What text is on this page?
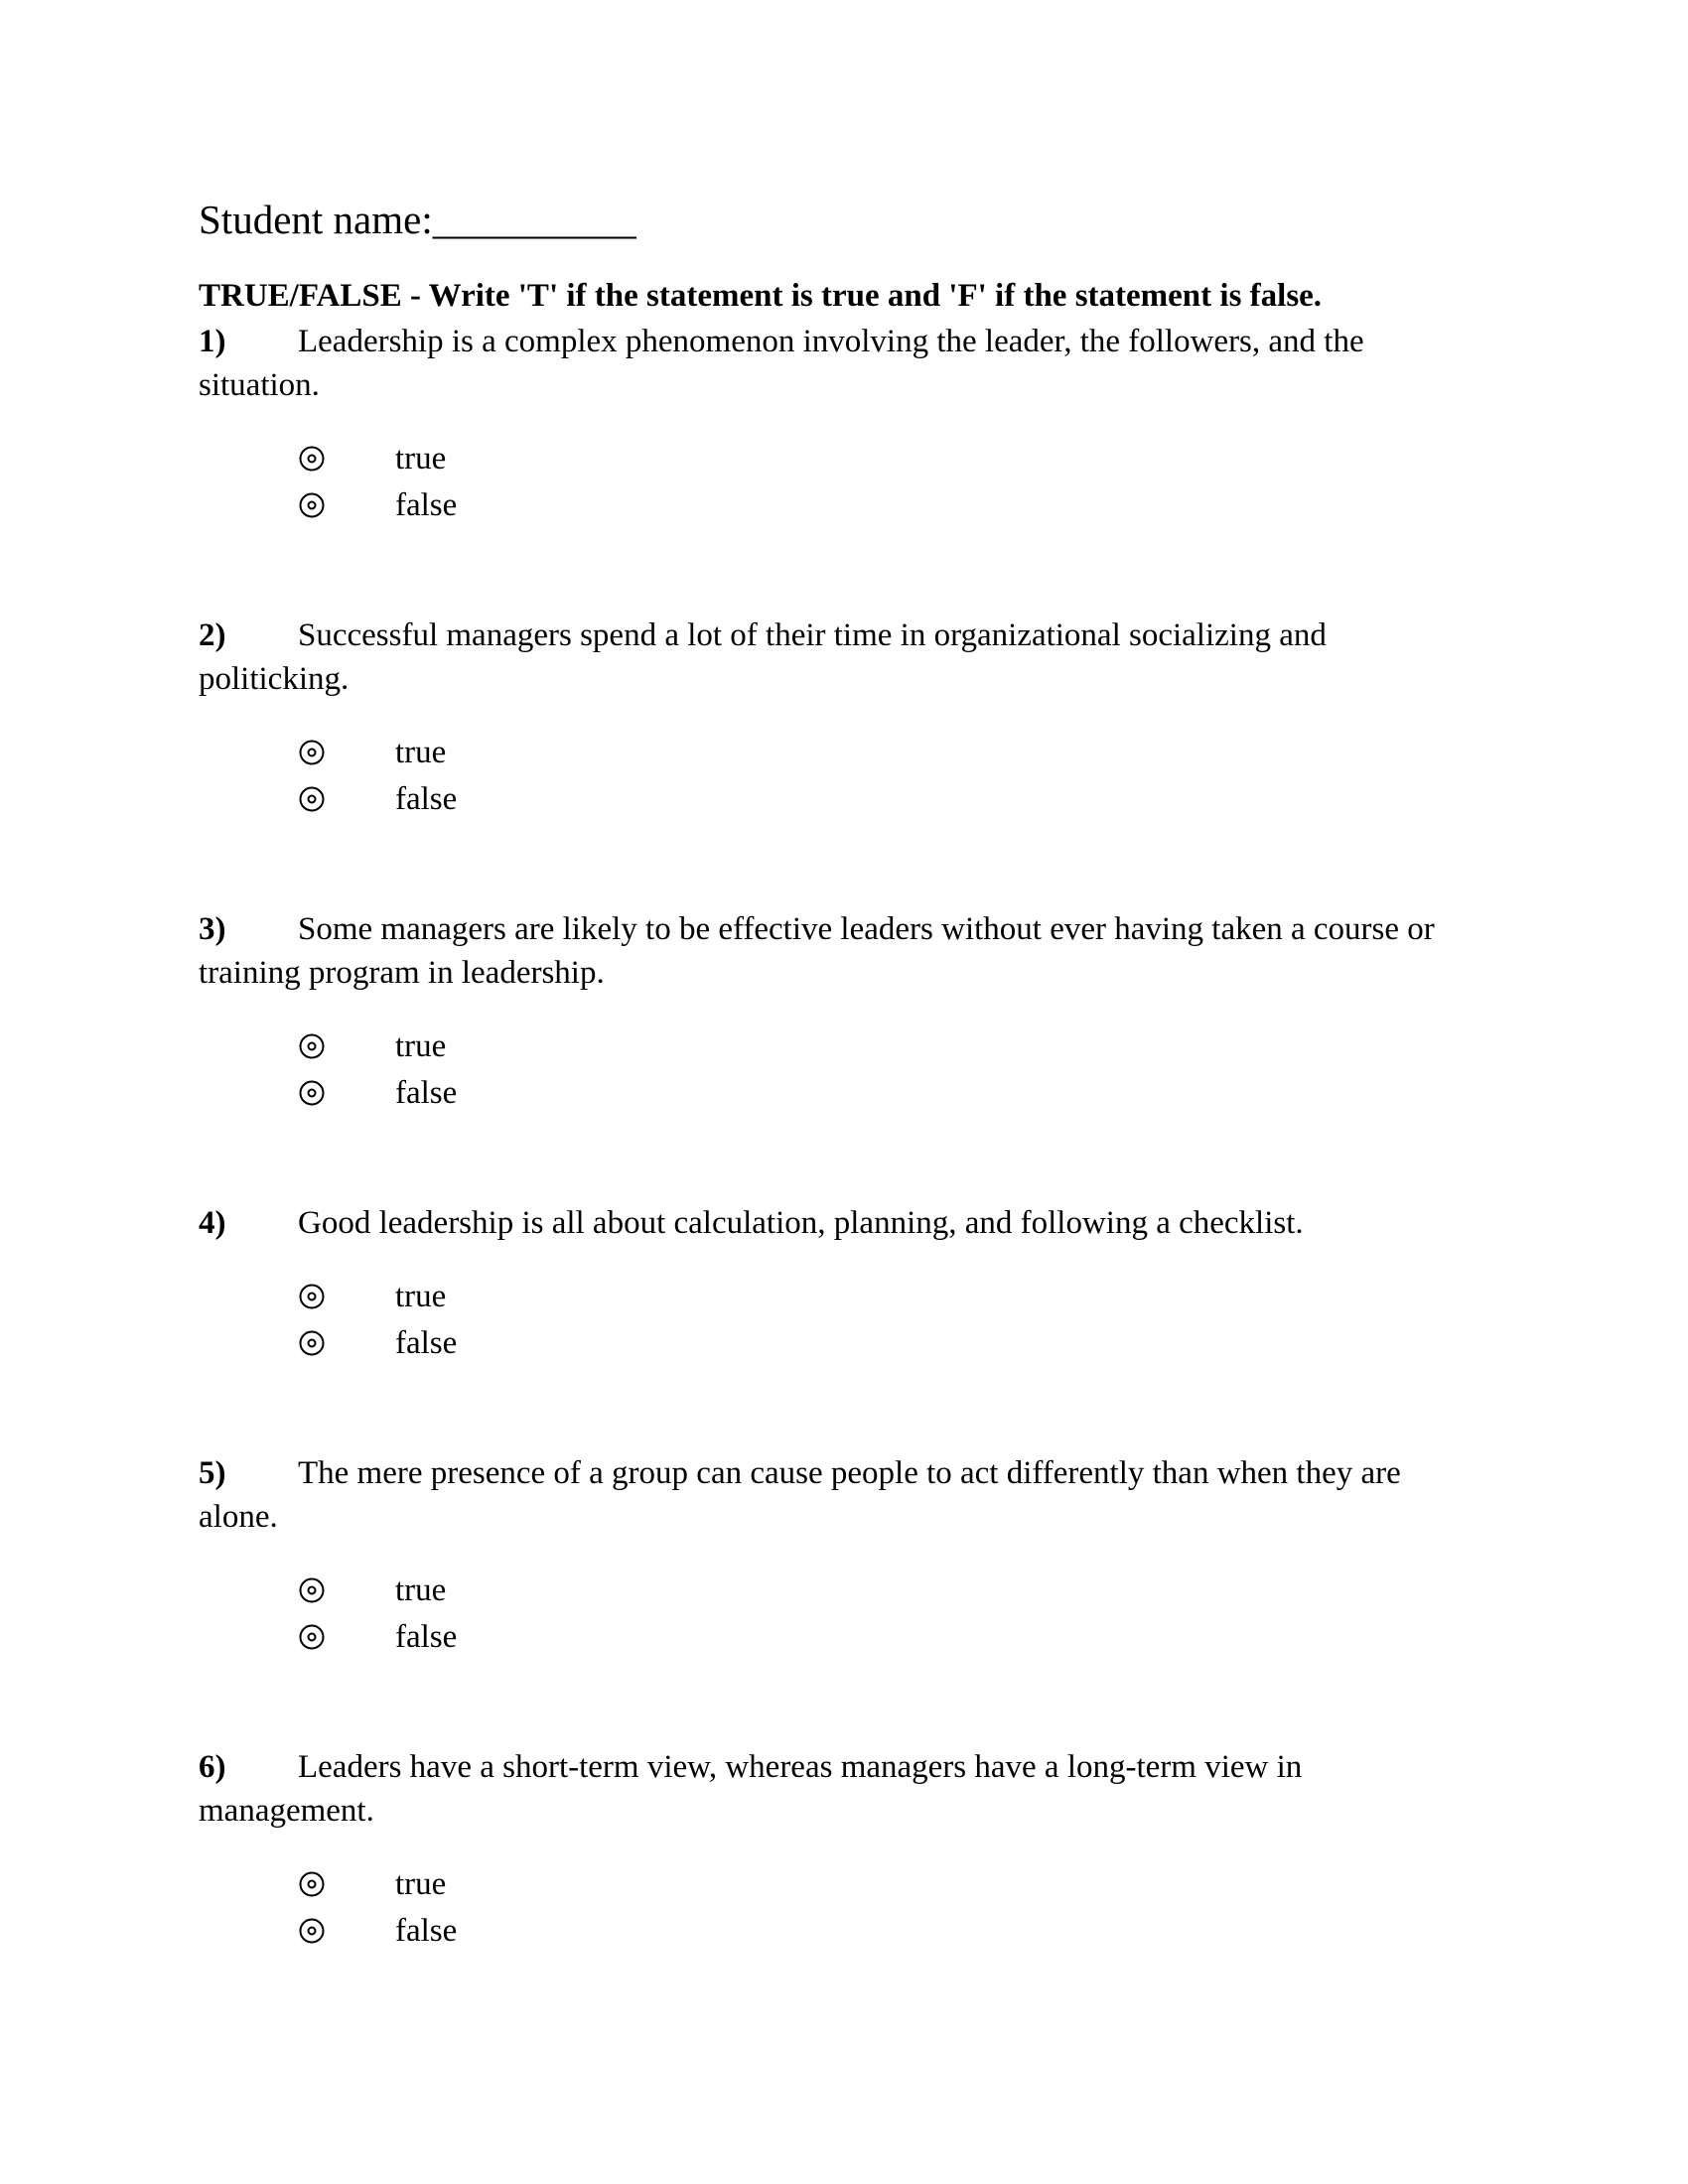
Student name:__________
TRUE/FALSE - Write 'T' if the statement is true and 'F' if the statement is false.

1) Leadership is a complex phenomenon involving the leader, the followers, and the situation.

true
false

2) Successful managers spend a lot of their time in organizational socializing and politicking.

true
false

3) Some managers are likely to be effective leaders without ever having taken a course or training program in leadership.

true
false

4) Good leadership is all about calculation, planning, and following a checklist.

true
false

5) The mere presence of a group can cause people to act differently than when they are alone.

true
false

6) Leaders have a short-term view, whereas managers have a long-term view in management.

true
false
